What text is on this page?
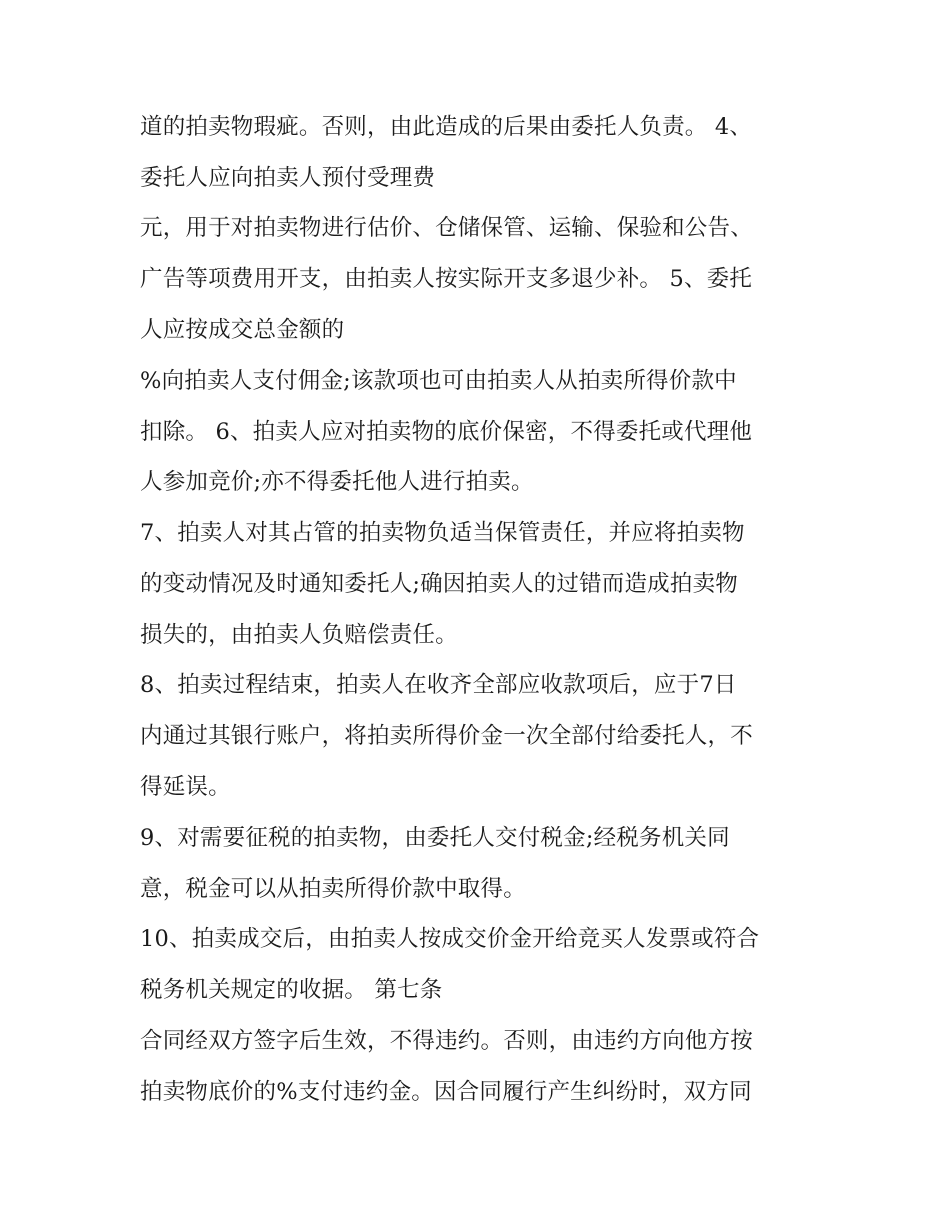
道的拍卖物瑕疵。否则，由此造成的后果由委托人负责。 4、
委托人应向拍卖人预付受理费
元，用于对拍卖物进行估价、仓储保管、运输、保验和公告、
广告等项费用开支，由拍卖人按实际开支多退少补。 5、委托
人应按成交总金额的
%向拍卖人支付佣金;该款项也可由拍卖人从拍卖所得价款中
扣除。 6、拍卖人应对拍卖物的底价保密，不得委托或代理他
人参加竞价;亦不得委托他人进行拍卖。
7、拍卖人对其占管的拍卖物负适当保管责任，并应将拍卖物
的变动情况及时通知委托人;确因拍卖人的过错而造成拍卖物
损失的，由拍卖人负赔偿责任。
8、拍卖过程结束，拍卖人在收齐全部应收款项后，应于7日
内通过其银行账户，将拍卖所得价金一次全部付给委托人，不
得延误。
9、对需要征税的拍卖物，由委托人交付税金;经税务机关同
意，税金可以从拍卖所得价款中取得。
10、拍卖成交后，由拍卖人按成交价金开给竞买人发票或符合
税务机关规定的收据。 第七条
合同经双方签字后生效，不得违约。否则，由违约方向他方按
拍卖物底价的%支付违约金。因合同履行产生纠纷时，双方同
